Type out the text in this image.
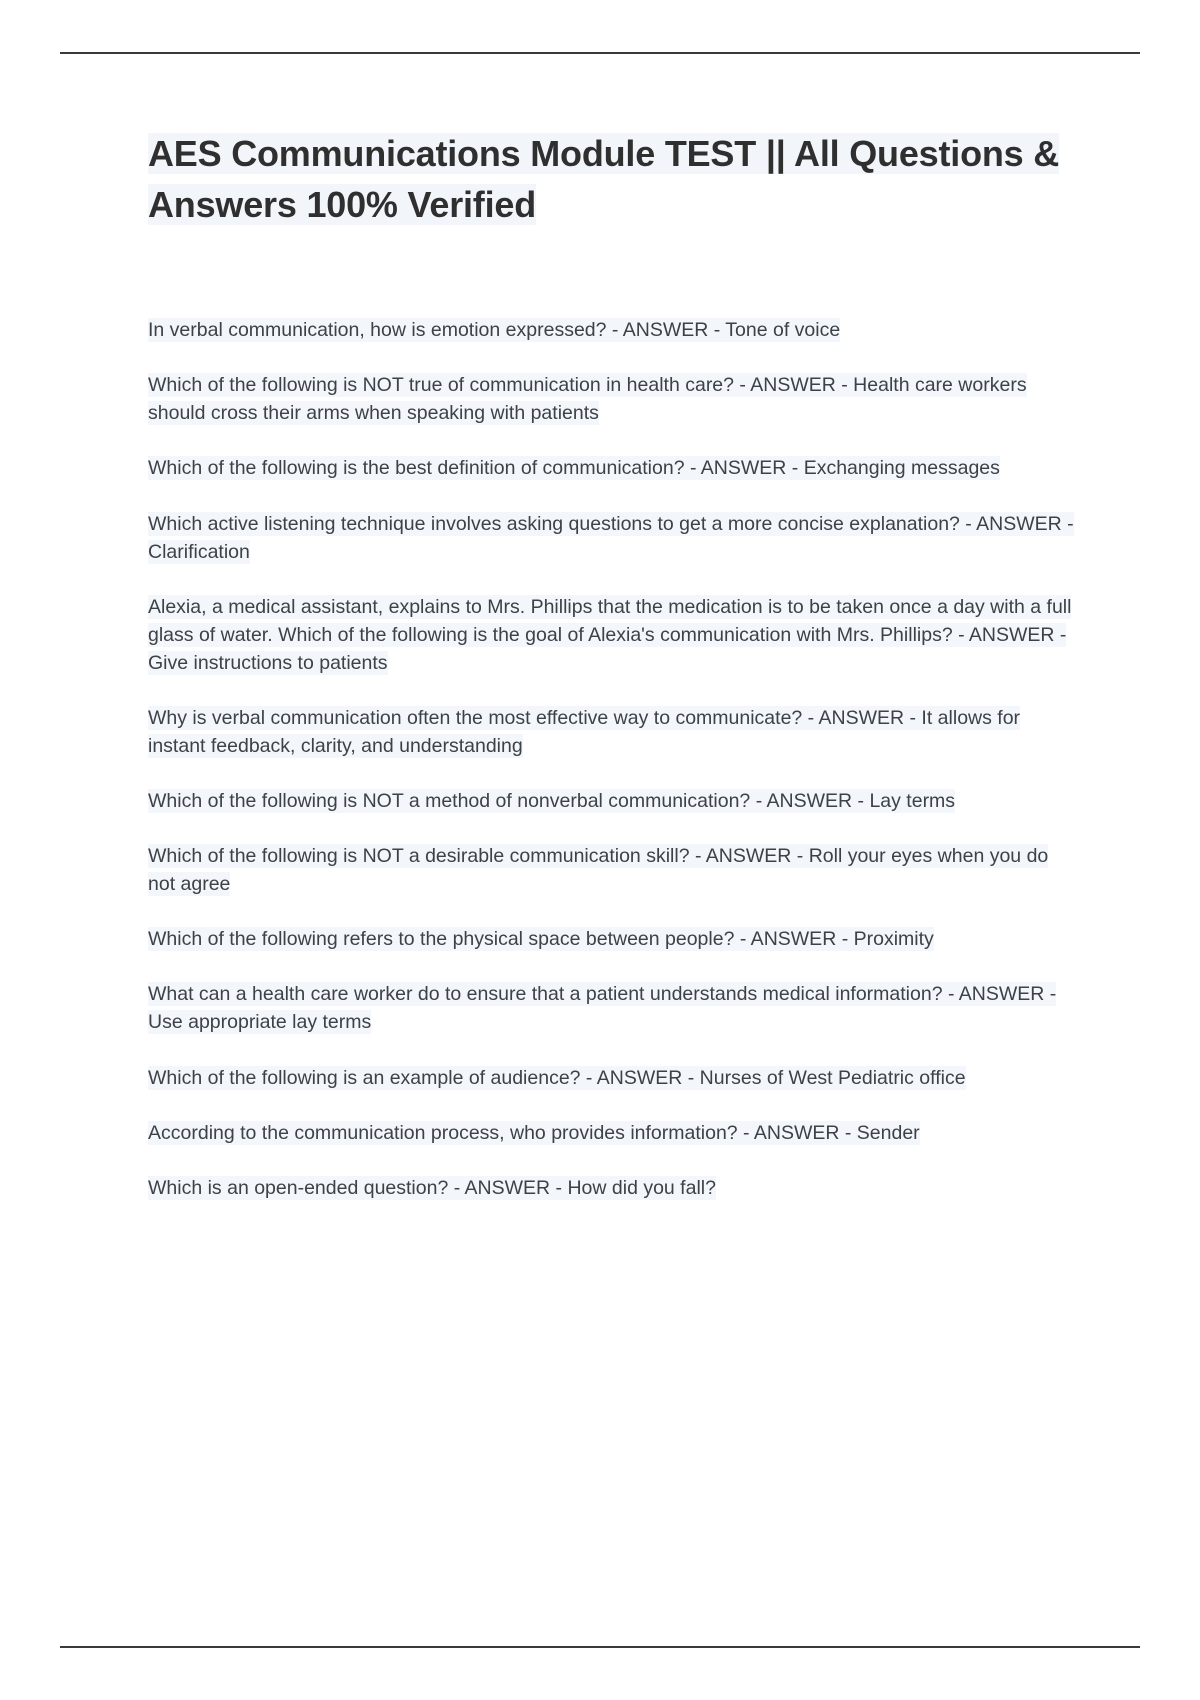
AES Communications Module TEST || All Questions & Answers 100% Verified

In verbal communication, how is emotion expressed? - ANSWER - Tone of voice

Which of the following is NOT true of communication in health care? - ANSWER - Health care workers should cross their arms when speaking with patients

Which of the following is the best definition of communication? - ANSWER - Exchanging messages

Which active listening technique involves asking questions to get a more concise explanation? - ANSWER - Clarification

Alexia, a medical assistant, explains to Mrs. Phillips that the medication is to be taken once a day with a full glass of water. Which of the following is the goal of Alexia's communication with Mrs. Phillips? - ANSWER - Give instructions to patients

Why is verbal communication often the most effective way to communicate? - ANSWER - It allows for instant feedback, clarity, and understanding

Which of the following is NOT a method of nonverbal communication? - ANSWER - Lay terms

Which of the following is NOT a desirable communication skill? - ANSWER - Roll your eyes when you do not agree

Which of the following refers to the physical space between people? - ANSWER - Proximity

What can a health care worker do to ensure that a patient understands medical information? - ANSWER - Use appropriate lay terms

Which of the following is an example of audience? - ANSWER - Nurses of West Pediatric office

According to the communication process, who provides information? - ANSWER - Sender

Which is an open-ended question? - ANSWER - How did you fall?
